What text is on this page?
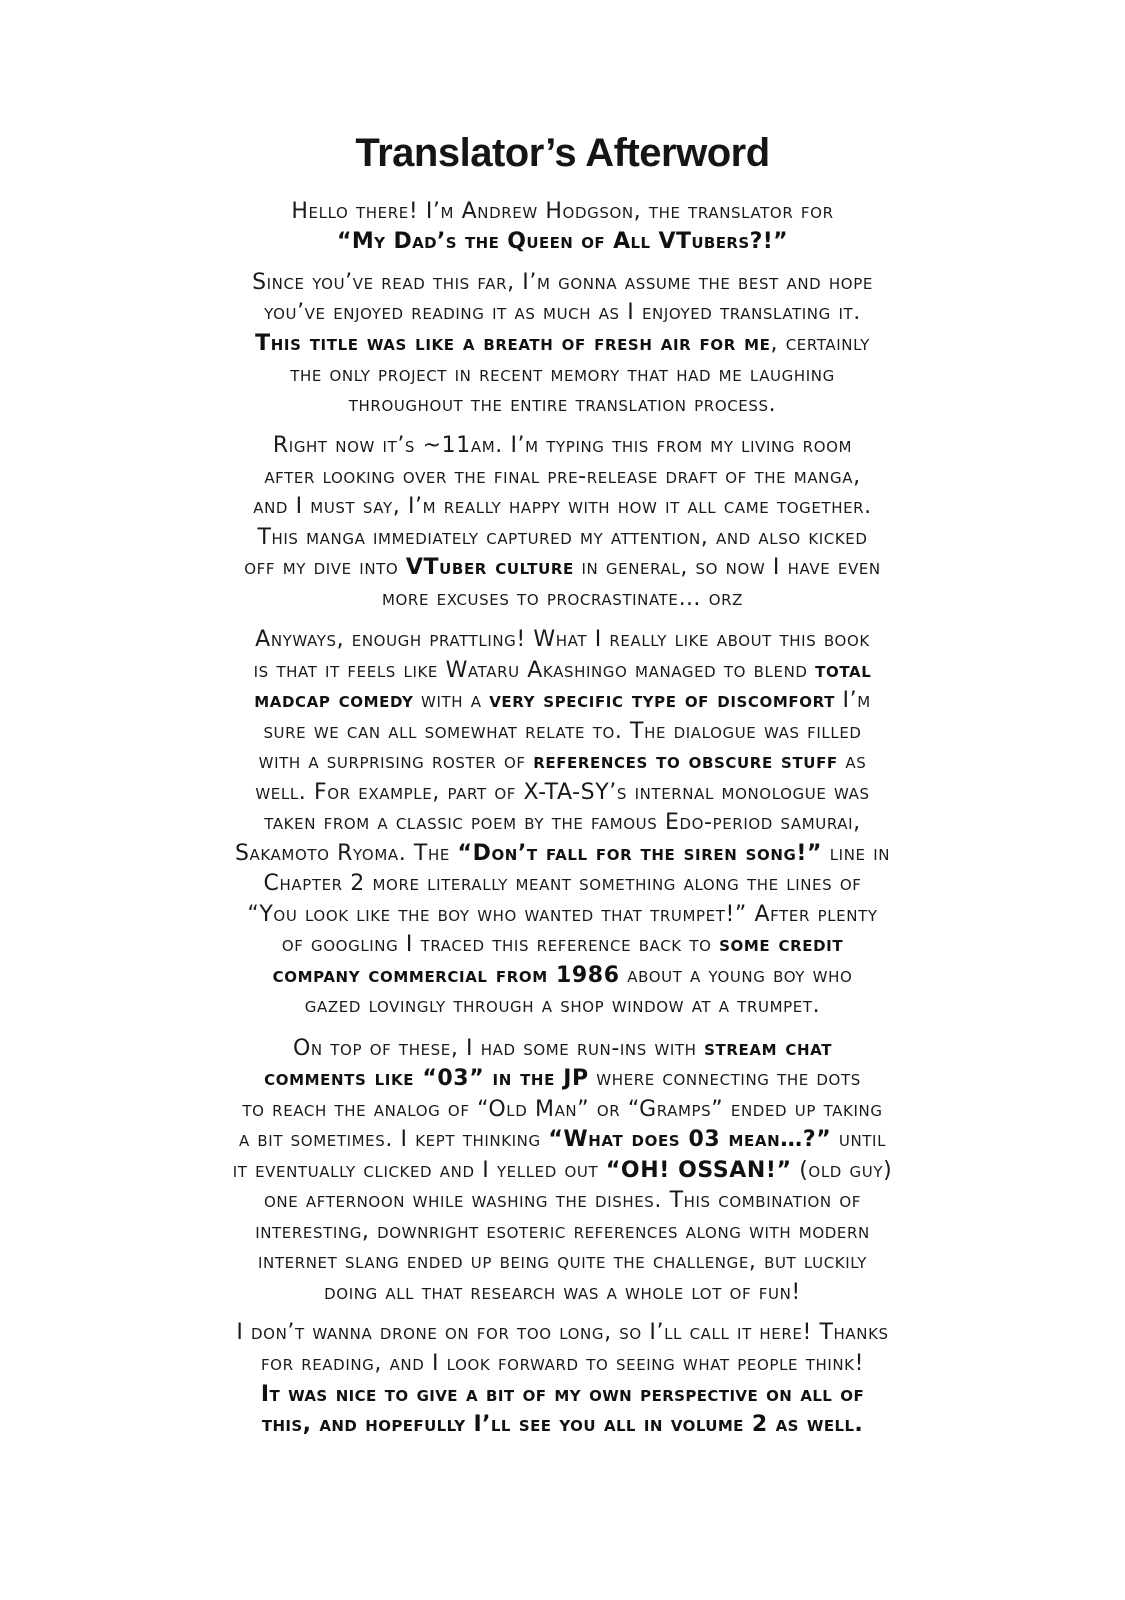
Translator’s Afterword
Hello there! I’m Andrew Hodgson, the translator for
“My Dad’s the Queen of All VTubers?!”
Since you’ve read this far, I’m gonna assume the best and hope
you’ve enjoyed reading it as much as I enjoyed translating it.
This title was like a breath of fresh air for me, certainly
the only project in recent memory that had me laughing
throughout the entire translation process.
Right now it’s ~11am. I’m typing this from my living room
after looking over the final pre-release draft of the manga,
and I must say, I’m really happy with how it all came together.
This manga immediately captured my attention, and also kicked
off my dive into VTuber culture in general, so now I have even
more excuses to procrastinate… orz
Anyways, enough prattling! What I really like about this book
is that it feels like Wataru Akashingo managed to blend total
madcap comedy with a very specific type of discomfort I’m
sure we can all somewhat relate to. The dialogue was filled
with a surprising roster of references to obscure stuff as
well. For example, part of X-TA-SY’s internal monologue was
taken from a classic poem by the famous Edo-period samurai,
Sakamoto Ryoma. The “Don’t fall for the siren song!” line in
Chapter 2 more literally meant something along the lines of
“You look like the boy who wanted that trumpet!” After plenty
of googling I traced this reference back to some credit
company commercial from 1986 about a young boy who
gazed lovingly through a shop window at a trumpet.
On top of these, I had some run-ins with stream chat
comments like “03” in the JP where connecting the dots
to reach the analog of “Old Man” or “Gramps” ended up taking
a bit sometimes. I kept thinking “What does 03 mean…?” until
it eventually clicked and I yelled out “OH! OSSAN!” (old guy)
one afternoon while washing the dishes. This combination of
interesting, downright esoteric references along with modern
internet slang ended up being quite the challenge, but luckily
doing all that research was a whole lot of fun!
I don’t wanna drone on for too long, so I’ll call it here! Thanks
for reading, and I look forward to seeing what people think!
It was nice to give a bit of my own perspective on all of
this, and hopefully I’ll see you all in volume 2 as well.
